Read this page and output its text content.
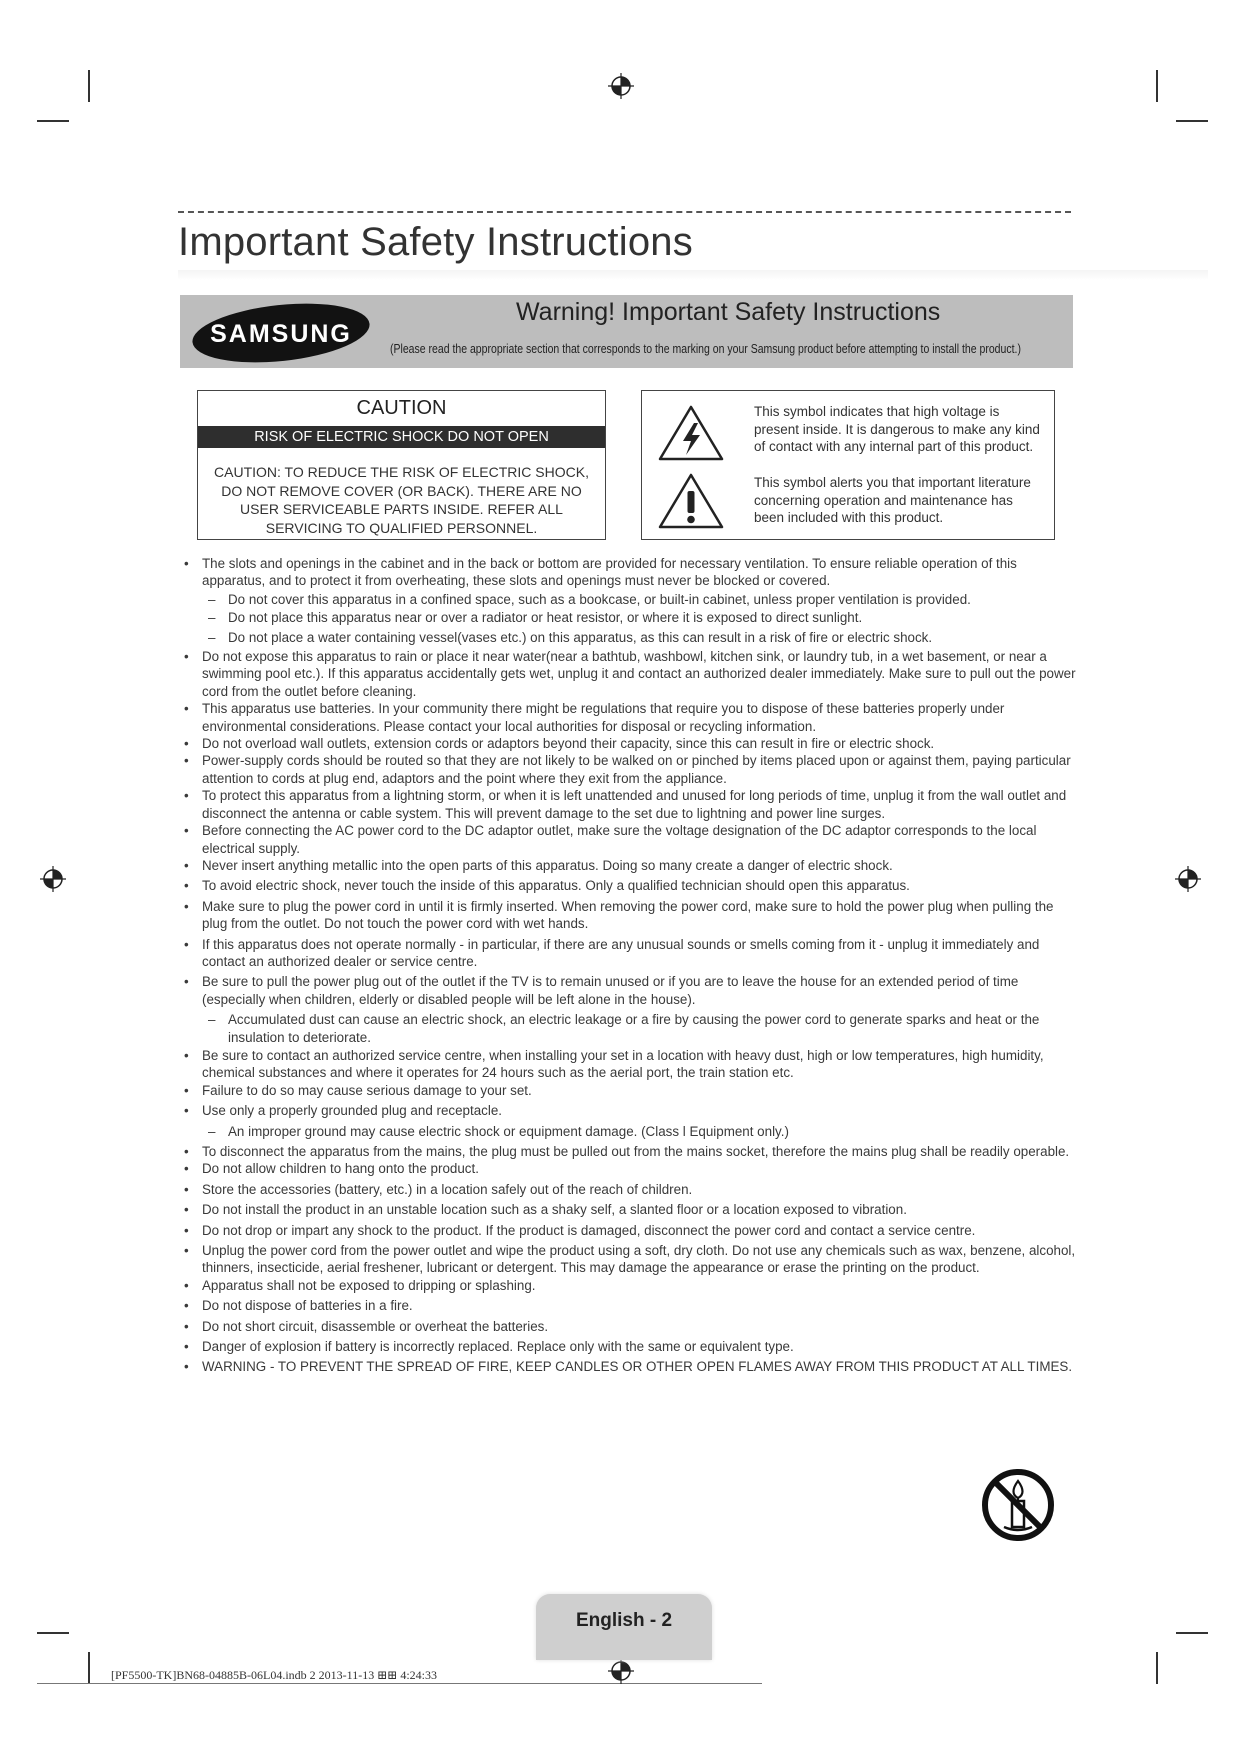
Important Safety Instructions
SAMSUNG
Warning! Important Safety Instructions
(Please read the appropriate section that corresponds to the marking on your Samsung product before attempting to install the product.)
CAUTION
RISK OF ELECTRIC SHOCK DO NOT OPEN
CAUTION: TO REDUCE THE RISK OF ELECTRIC SHOCK, DO NOT REMOVE COVER (OR BACK). THERE ARE NO USER SERVICEABLE PARTS INSIDE. REFER ALL SERVICING TO QUALIFIED PERSONNEL.
This symbol indicates that high voltage is present inside. It is dangerous to make any kind of contact with any internal part of this product.
This symbol alerts you that important literature concerning operation and maintenance has been included with this product.
• The slots and openings in the cabinet and in the back or bottom are provided for necessary ventilation. To ensure reliable operation of this apparatus, and to protect it from overheating, these slots and openings must never be blocked or covered.
– Do not cover this apparatus in a confined space, such as a bookcase, or built-in cabinet, unless proper ventilation is provided.
– Do not place this apparatus near or over a radiator or heat resistor, or where it is exposed to direct sunlight.
– Do not place a water containing vessel(vases etc.) on this apparatus, as this can result in a risk of fire or electric shock.
• Do not expose this apparatus to rain or place it near water(near a bathtub, washbowl, kitchen sink, or laundry tub, in a wet basement, or near a swimming pool etc.). If this apparatus accidentally gets wet, unplug it and contact an authorized dealer immediately. Make sure to pull out the power cord from the outlet before cleaning.
• This apparatus use batteries. In your community there might be regulations that require you to dispose of these batteries properly under environmental considerations. Please contact your local authorities for disposal or recycling information.
• Do not overload wall outlets, extension cords or adaptors beyond their capacity, since this can result in fire or electric shock.
• Power-supply cords should be routed so that they are not likely to be walked on or pinched by items placed upon or against them, paying particular attention to cords at plug end, adaptors and the point where they exit from the appliance.
• To protect this apparatus from a lightning storm, or when it is left unattended and unused for long periods of time, unplug it from the wall outlet and disconnect the antenna or cable system. This will prevent damage to the set due to lightning and power line surges.
• Before connecting the AC power cord to the DC adaptor outlet, make sure the voltage designation of the DC adaptor corresponds to the local electrical supply.
• Never insert anything metallic into the open parts of this apparatus. Doing so many create a danger of electric shock.
• To avoid electric shock, never touch the inside of this apparatus. Only a qualified technician should open this apparatus.
• Make sure to plug the power cord in until it is firmly inserted. When removing the power cord, make sure to hold the power plug when pulling the plug from the outlet. Do not touch the power cord with wet hands.
• If this apparatus does not operate normally - in particular, if there are any unusual sounds or smells coming from it - unplug it immediately and contact an authorized dealer or service centre.
• Be sure to pull the power plug out of the outlet if the TV is to remain unused or if you are to leave the house for an extended period of time (especially when children, elderly or disabled people will be left alone in the house).
– Accumulated dust can cause an electric shock, an electric leakage or a fire by causing the power cord to generate sparks and heat or the insulation to deteriorate.
• Be sure to contact an authorized service centre, when installing your set in a location with heavy dust, high or low temperatures, high humidity, chemical substances and where it operates for 24 hours such as the aerial port, the train station etc.
• Failure to do so may cause serious damage to your set.
• Use only a properly grounded plug and receptacle.
– An improper ground may cause electric shock or equipment damage. (Class l Equipment only.)
• To disconnect the apparatus from the mains, the plug must be pulled out from the mains socket, therefore the mains plug shall be readily operable.
• Do not allow children to hang onto the product.
• Store the accessories (battery, etc.) in a location safely out of the reach of children.
• Do not install the product in an unstable location such as a shaky self, a slanted floor or a location exposed to vibration.
• Do not drop or impart any shock to the product. If the product is damaged, disconnect the power cord and contact a service centre.
• Unplug the power cord from the power outlet and wipe the product using a soft, dry cloth. Do not use any chemicals such as wax, benzene, alcohol, thinners, insecticide, aerial freshener, lubricant or detergent. This may damage the appearance or erase the printing on the product.
• Apparatus shall not be exposed to dripping or splashing.
• Do not dispose of batteries in a fire.
• Do not short circuit, disassemble or overheat the batteries.
• Danger of explosion if battery is incorrectly replaced. Replace only with the same or equivalent type.
• WARNING - TO PREVENT THE SPREAD OF FIRE, KEEP CANDLES OR OTHER OPEN FLAMES AWAY FROM THIS PRODUCT AT ALL TIMES.
English - 2
[PF5500-TK]BN68-04885B-06L04.indb 2 2013-11-13 ⊞⊞ 4:24:33
